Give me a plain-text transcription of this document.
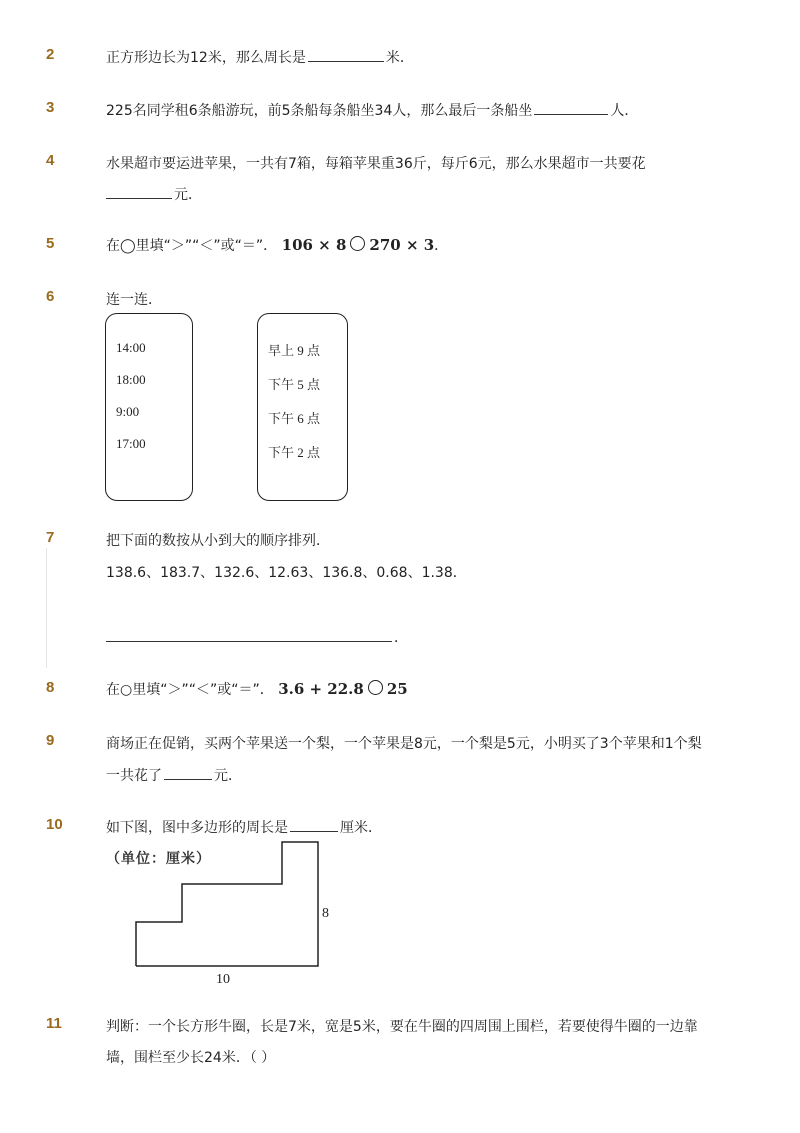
2	正方形边长为12米，那么周长是	米．
3	225名同学租6条船游玩，前5条船每条船坐34人，那么最后一条船坐	人．
4	水果超市要运进苹果，一共有7箱，每箱苹果重36斤，每斤6元，那么水果超市一共要花
元．
5	在◯里填“＞”“＜”或“＝”． 106 × 8 270 × 3．
6	连一连．
14:00
18:00
9:00
17:00
早上 9 点
下午 5 点
下午 6 点
下午 2 点
7	把下面的数按从小到大的顺序排列．
138.6、183.7、132.6、12.63、136.8、0.68、1.38．
．
8	在○里填“＞”“＜”或“＝”． 3.6 + 22.8 25
9	商场正在促销，买两个苹果送一个梨，一个苹果是8元，一个梨是5元，小明买了3个苹果和1个梨
一共花了	元．
10	如下图，图中多边形的周长是	厘米．
（单位：厘米）
8
10
11	判断：一个长方形牛圈，长是7米，宽是5米，要在牛圈的四周围上围栏，若要使得牛圈的一边靠
墙，围栏至少长24米．（ ）
